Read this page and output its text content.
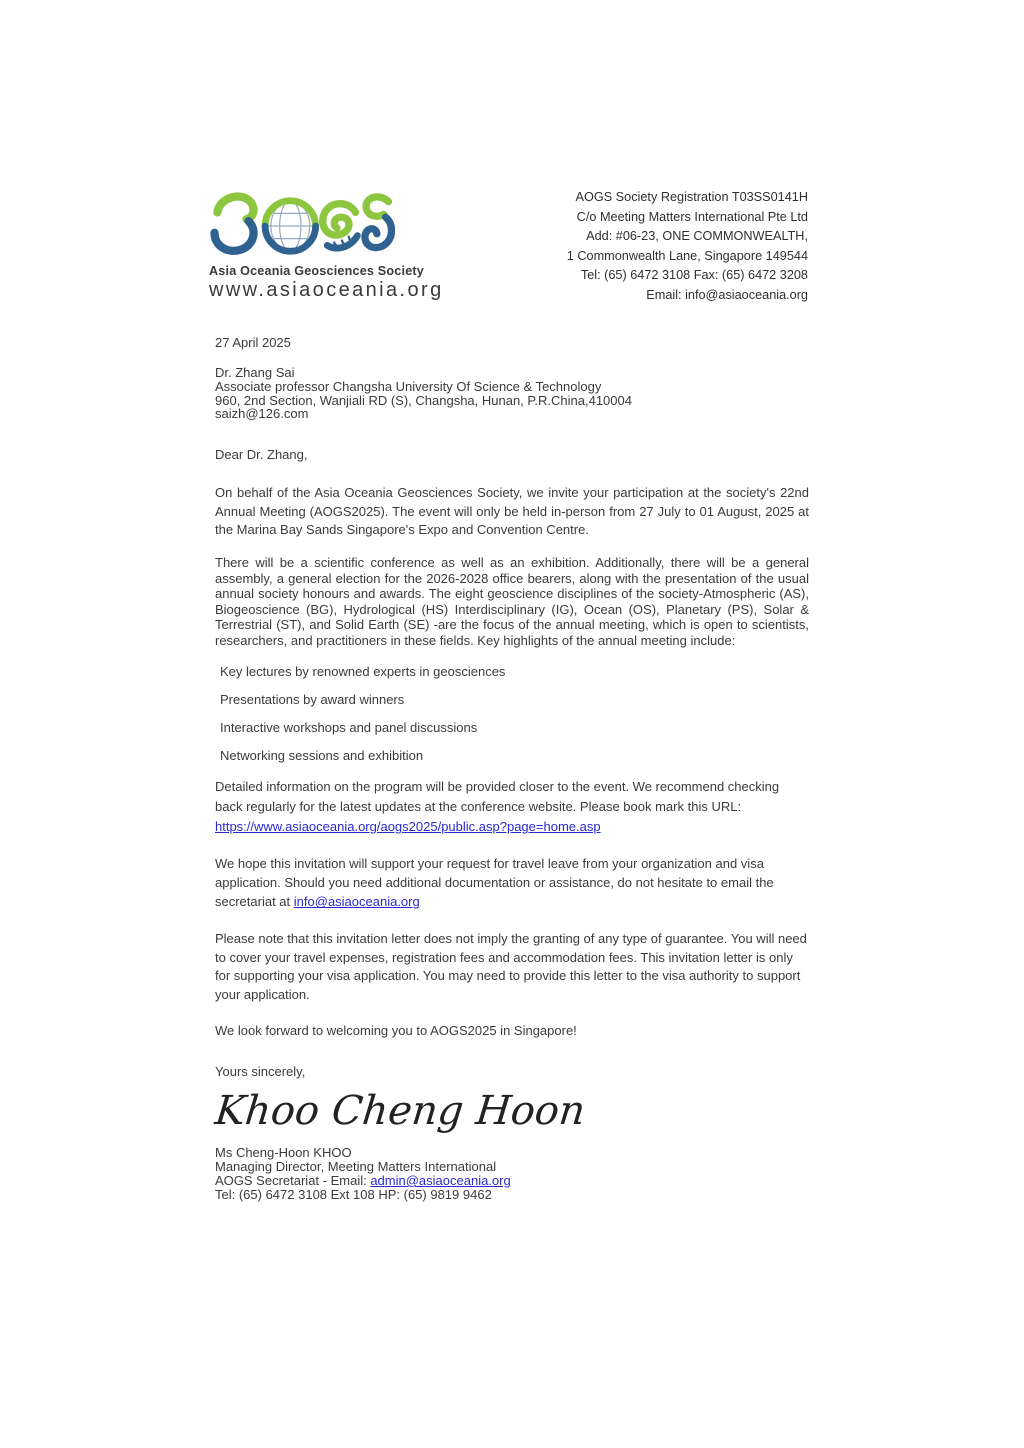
Asia Oceania Geosciences Society
www.asiaoceania.org
AOGS Society Registration T03SS0141H
C/o Meeting Matters International Pte Ltd
Add: #06-23, ONE COMMONWEALTH,
1 Commonwealth Lane, Singapore 149544
Tel: (65) 6472 3108 Fax: (65) 6472 3208
Email: info@asiaoceania.org
27 April 2025
Dr. Zhang Sai
Associate professor Changsha University Of Science & Technology
960, 2nd Section, Wanjiali RD (S), Changsha, Hunan, P.R.China,410004
saizh@126.com
Dear Dr. Zhang,

On behalf of the Asia Oceania Geosciences Society, we invite your participation at the society's 22nd Annual Meeting (AOGS2025). The event will only be held in-person from 27 July to 01 August, 2025 at the Marina Bay Sands Singapore's Expo and Convention Centre.

There will be a scientific conference as well as an exhibition. Additionally, there will be a general assembly, a general election for the 2026-2028 office bearers, along with the presentation of the usual annual society honours and awards. The eight geoscience disciplines of the society-Atmospheric (AS), Biogeoscience (BG), Hydrological (HS) Interdisciplinary (IG), Ocean (OS), Planetary (PS), Solar & Terrestrial (ST), and Solid Earth (SE) -are the focus of the annual meeting, which is open to scientists, researchers, and practitioners in these fields. Key highlights of the annual meeting include:

Key lectures by renowned experts in geosciences
Presentations by award winners
Interactive workshops and panel discussions
Networking sessions and exhibition

Detailed information on the program will be provided closer to the event. We recommend checking back regularly for the latest updates at the conference website. Please book mark this URL: https://www.asiaoceania.org/aogs2025/public.asp?page=home.asp

We hope this invitation will support your request for travel leave from your organization and visa application. Should you need additional documentation or assistance, do not hesitate to email the secretariat at info@asiaoceania.org

Please note that this invitation letter does not imply the granting of any type of guarantee. You will need to cover your travel expenses, registration fees and accommodation fees. This invitation letter is only for supporting your visa application. You may need to provide this letter to the visa authority to support your application.

We look forward to welcoming you to AOGS2025 in Singapore!

Yours sincerely,

Khoo Cheng Hoon
Ms Cheng-Hoon KHOO
Managing Director, Meeting Matters International
AOGS Secretariat - Email: admin@asiaoceania.org
Tel: (65) 6472 3108 Ext 108 HP: (65) 9819 9462
